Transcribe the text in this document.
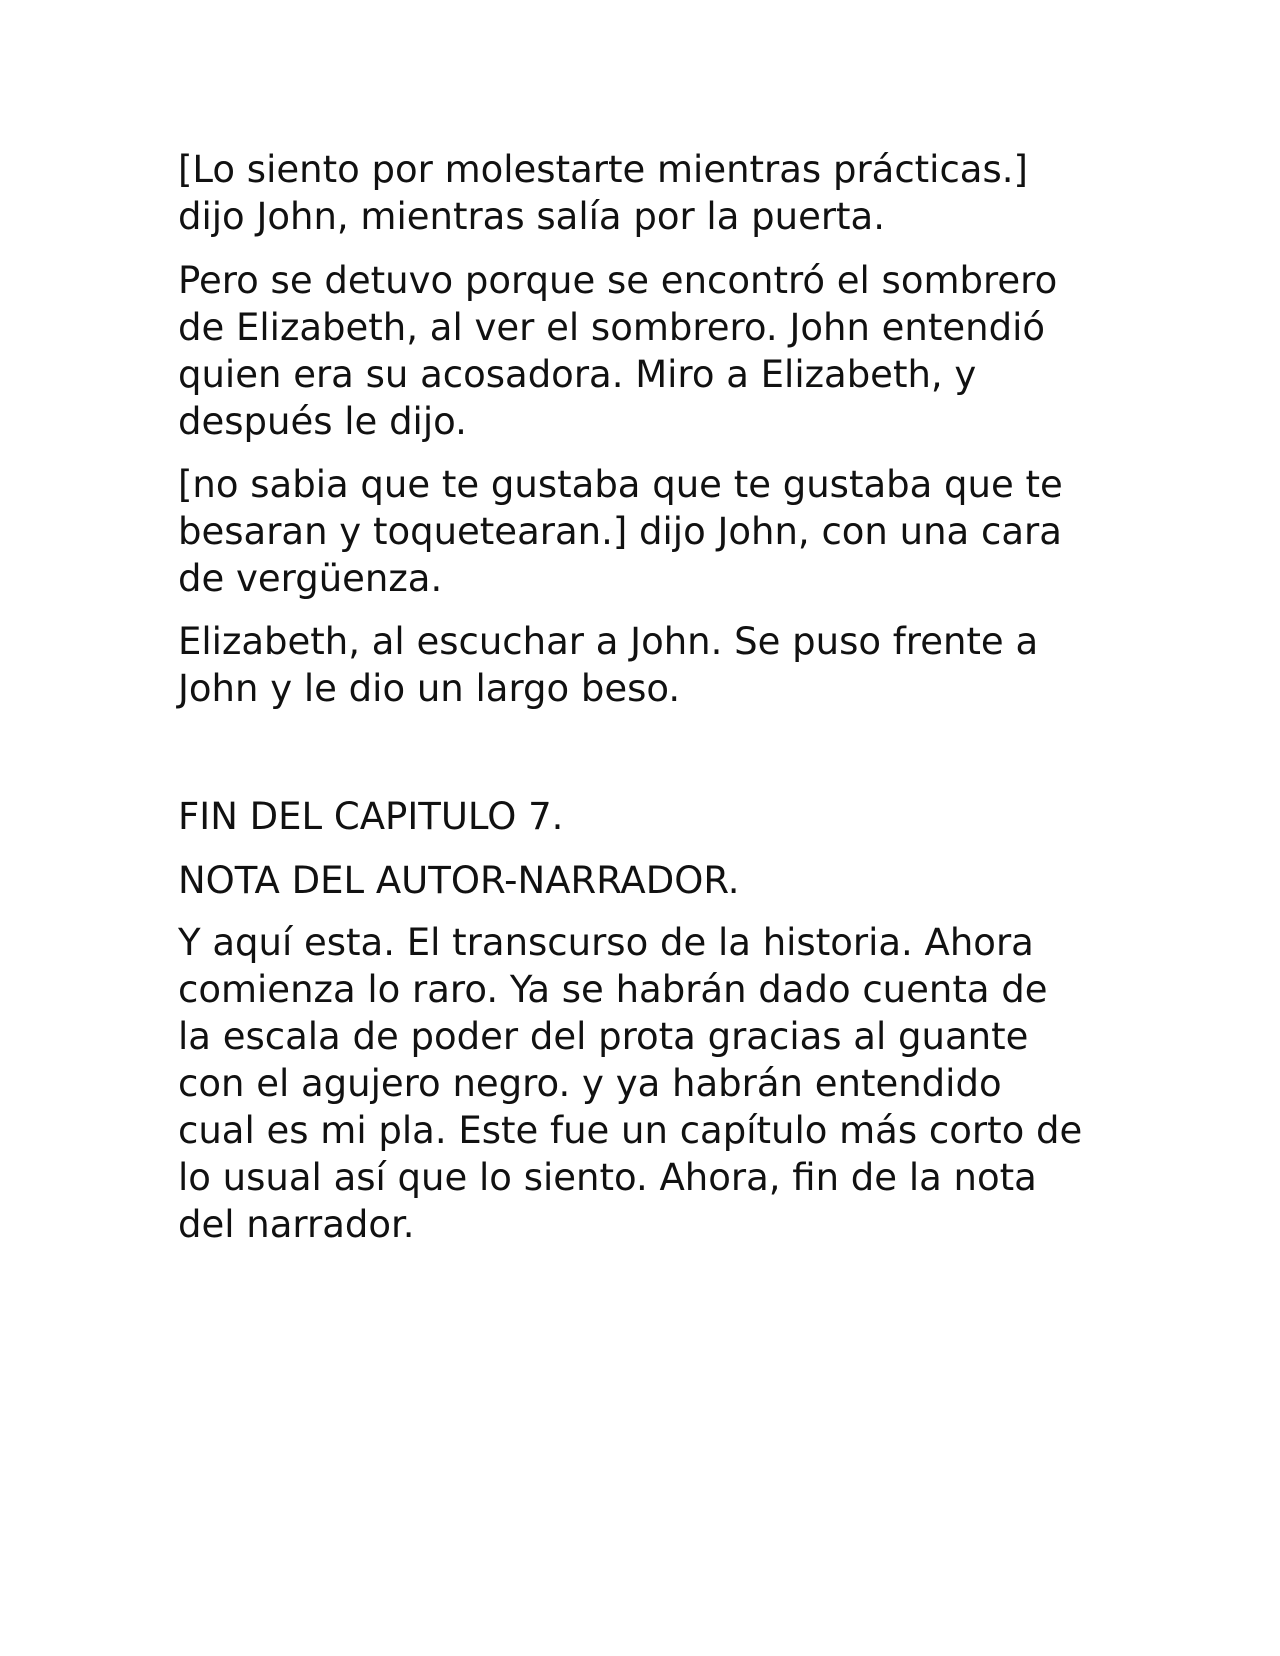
[Lo siento por molestarte mientras prácticas.]
dijo John, mientras salía por la puerta.

Pero se detuvo porque se encontró el sombrero
de Elizabeth, al ver el sombrero. John entendió
quien era su acosadora. Miro a Elizabeth, y
después le dijo.

[no sabia que te gustaba que te gustaba que te
besaran y toquetearan.] dijo John, con una cara
de vergüenza.

Elizabeth, al escuchar a John. Se puso frente a
John y le dio un largo beso.

FIN DEL CAPITULO 7.

NOTA DEL AUTOR-NARRADOR.

Y aquí esta. El transcurso de la historia. Ahora
comienza lo raro. Ya se habrán dado cuenta de
la escala de poder del prota gracias al guante
con el agujero negro. y ya habrán entendido
cual es mi pla. Este fue un capítulo más corto de
lo usual así que lo siento. Ahora, fin de la nota
del narrador.
